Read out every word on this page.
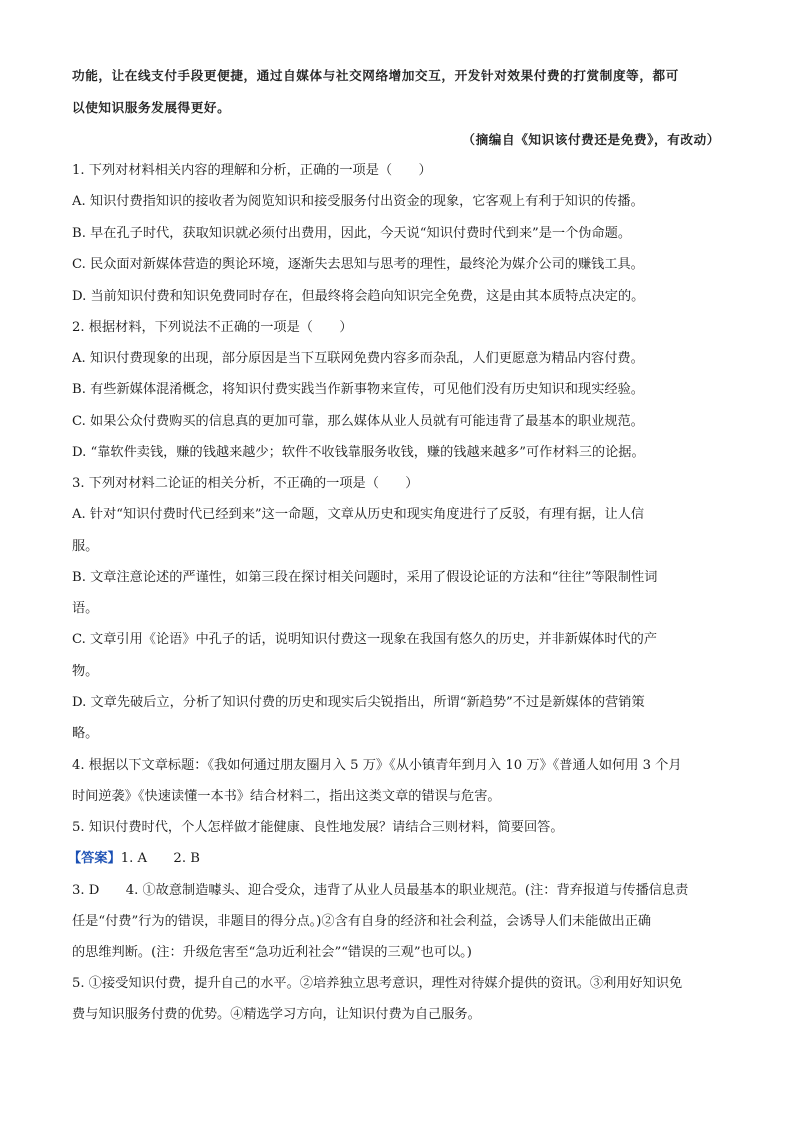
功能，让在线支付手段更便捷，通过自媒体与社交网络增加交互，开发针对效果付费的打赏制度等，都可
以使知识服务发展得更好。
（摘编自《知识该付费还是免费》，有改动）
1. 下列对材料相关内容的理解和分析，正确的一项是（　　）
A. 知识付费指知识的接收者为阅览知识和接受服务付出资金的现象，它客观上有利于知识的传播。
B. 早在孔子时代，获取知识就必须付出费用，因此，今天说“知识付费时代到来”是一个伪命题。
C. 民众面对新媒体营造的舆论环境，逐渐失去思知与思考的理性，最终沦为媒介公司的赚钱工具。
D. 当前知识付费和知识免费同时存在，但最终将会趋向知识完全免费，这是由其本质特点决定的。
2. 根据材料，下列说法不正确的一项是（　　）
A. 知识付费现象的出现，部分原因是当下互联网免费内容多而杂乱，人们更愿意为精品内容付费。
B. 有些新媒体混淆概念，将知识付费实践当作新事物来宣传，可见他们没有历史知识和现实经验。
C. 如果公众付费购买的信息真的更加可靠，那么媒体从业人员就有可能违背了最基本的职业规范。
D. “靠软件卖钱，赚的钱越来越少；软件不收钱靠服务收钱，赚的钱越来越多”可作材料三的论据。
3. 下列对材料二论证的相关分析，不正确的一项是（　　）
A. 针对“知识付费时代已经到来”这一命题，文章从历史和现实角度进行了反驳，有理有据，让人信
服。
B. 文章注意论述的严谨性，如第三段在探讨相关问题时，采用了假设论证的方法和“往往”等限制性词
语。
C. 文章引用《论语》中孔子的话，说明知识付费这一现象在我国有悠久的历史，并非新媒体时代的产
物。
D. 文章先破后立，分析了知识付费的历史和现实后尖锐指出，所谓“新趋势”不过是新媒体的营销策
略。
4. 根据以下文章标题：《我如何通过朋友圈月入 5 万》《从小镇青年到月入 10 万》《普通人如何用 3 个月
时间逆袭》《快速读懂一本书》结合材料二，指出这类文章的错误与危害。
5. 知识付费时代，个人怎样做才能健康、良性地发展？请结合三则材料，简要回答。
【答案】1. A　　2. B
3. D　　4. ①故意制造噱头、迎合受众，违背了从业人员最基本的职业规范。(注：背弃报道与传播信息责
任是“付费”行为的错误，非题目的得分点。)②含有自身的经济和社会利益，会诱导人们未能做出正确
的思维判断。(注：升级危害至“急功近利社会”“错误的三观”也可以。)
5. ①接受知识付费，提升自己的水平。②培养独立思考意识，理性对待媒介提供的资讯。③利用好知识免
费与知识服务付费的优势。④精选学习方向，让知识付费为自己服务。
